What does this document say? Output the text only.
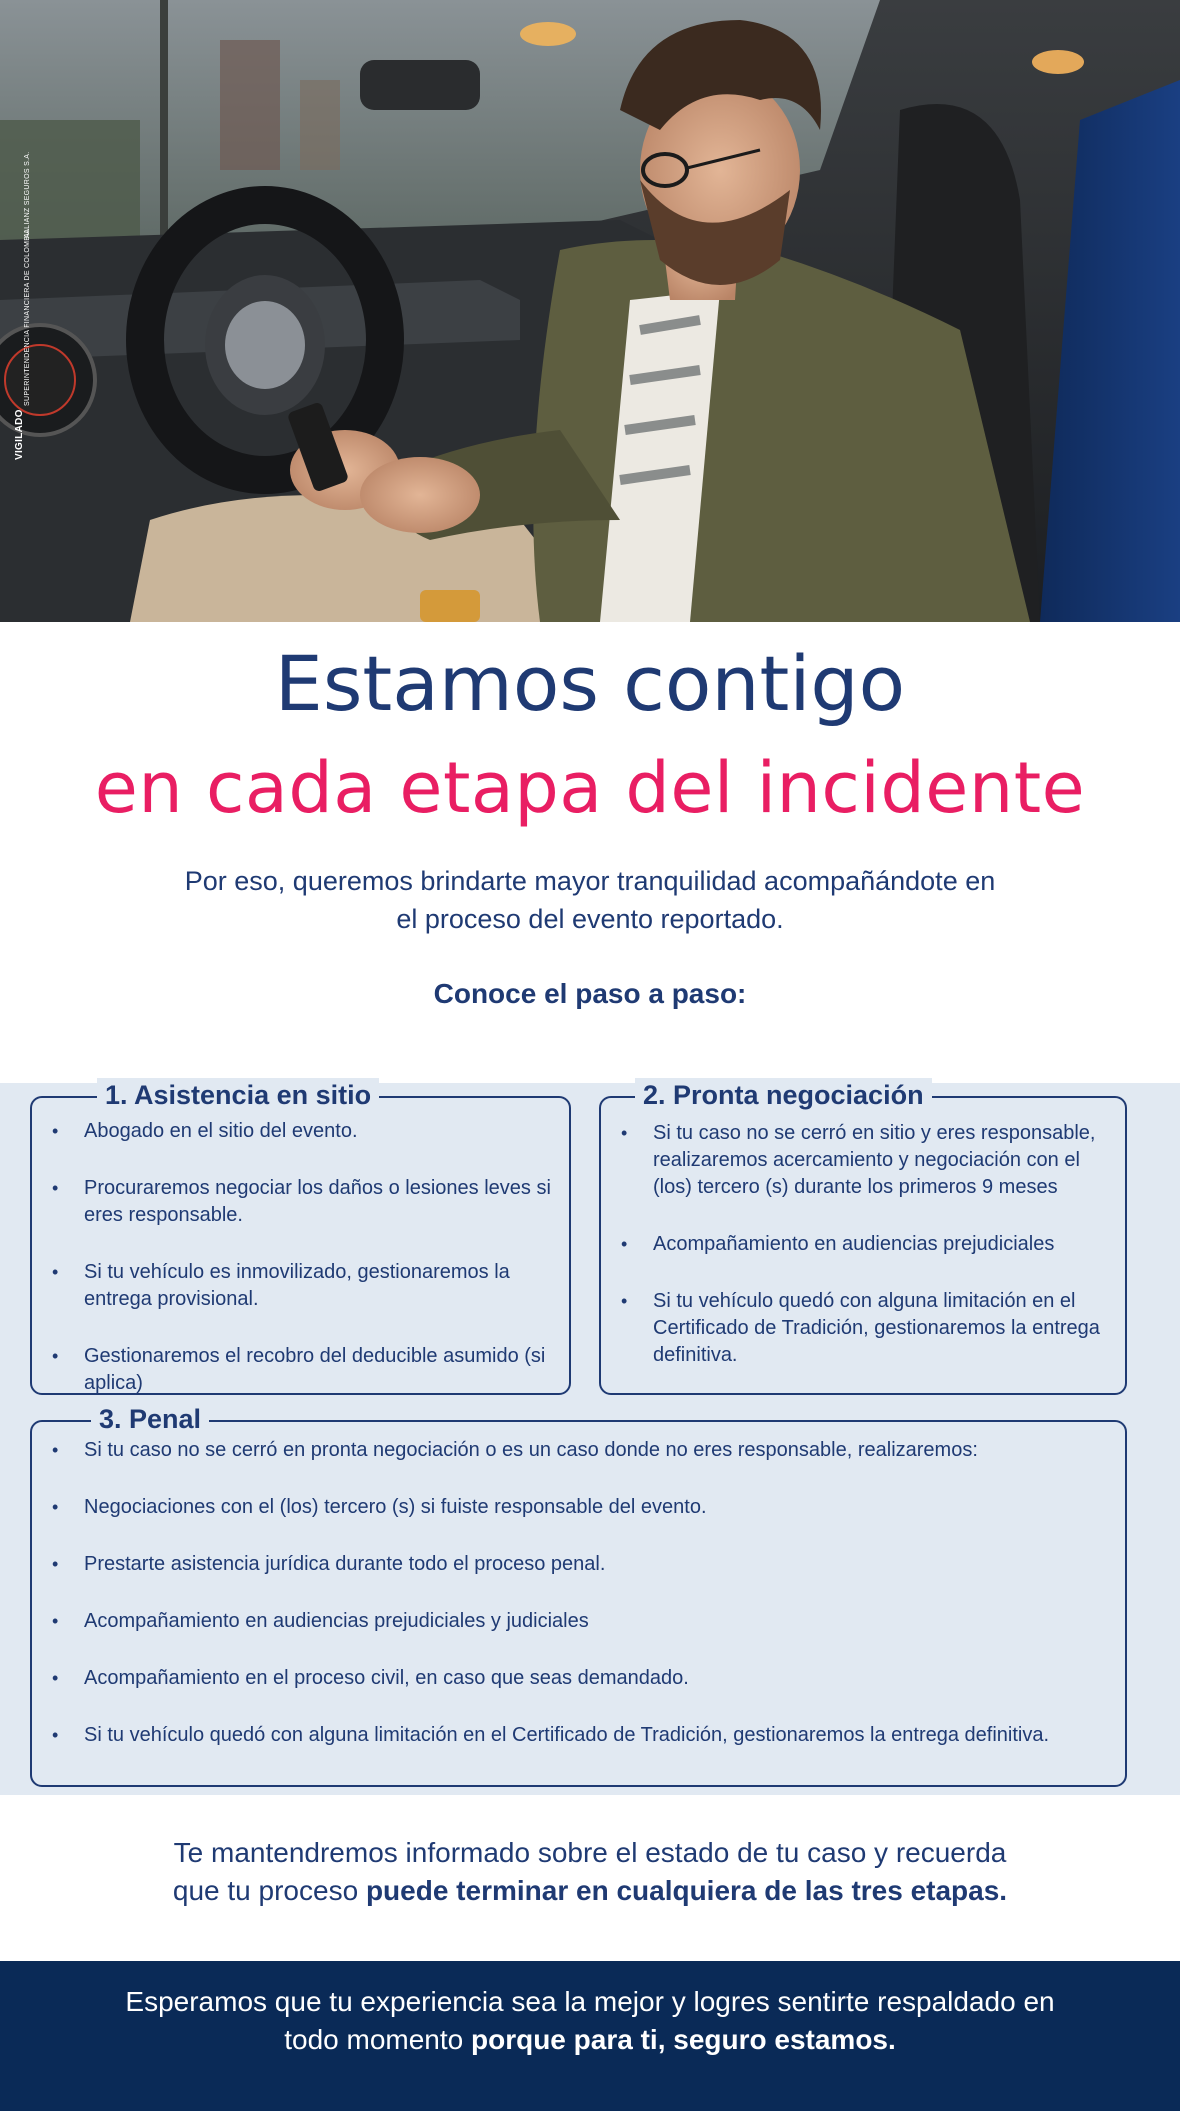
VIGILADO
SUPERINTENDENCIA FINANCIERA DE COLOMBIA
ALLIANZ SEGUROS S.A.
Estamos contigo
en cada etapa del incidente
Por eso, queremos brindarte mayor tranquilidad acompañándote en
el proceso del evento reportado.
Conoce el paso a paso:
1. Asistencia en sitio
• Abogado en el sitio del evento.
• Procuraremos negociar los daños o lesiones leves si eres responsable.
• Si tu vehículo es inmovilizado, gestionaremos la entrega provisional.
• Gestionaremos el recobro del deducible asumido (si aplica)
2. Pronta negociación
• Si tu caso no se cerró en sitio y eres responsable, realizaremos acercamiento y negociación con el (los) tercero (s) durante los primeros 9 meses
• Acompañamiento en audiencias prejudiciales
• Si tu vehículo quedó con alguna limitación en el Certificado de Tradición, gestionaremos la entrega definitiva.
3. Penal
• Si tu caso no se cerró en pronta negociación o es un caso donde no eres responsable, realizaremos:
• Negociaciones con el (los) tercero (s) si fuiste responsable del evento.
• Prestarte asistencia jurídica durante todo el proceso penal.
• Acompañamiento en audiencias prejudiciales y judiciales
• Acompañamiento en el proceso civil, en caso que seas demandado.
• Si tu vehículo quedó con alguna limitación en el Certificado de Tradición, gestionaremos la entrega definitiva.
Te mantendremos informado sobre el estado de tu caso y recuerda
que tu proceso puede terminar en cualquiera de las tres etapas.

Esperamos que tu experiencia sea la mejor y logres sentirte respaldado en
todo momento porque para ti, seguro estamos.
